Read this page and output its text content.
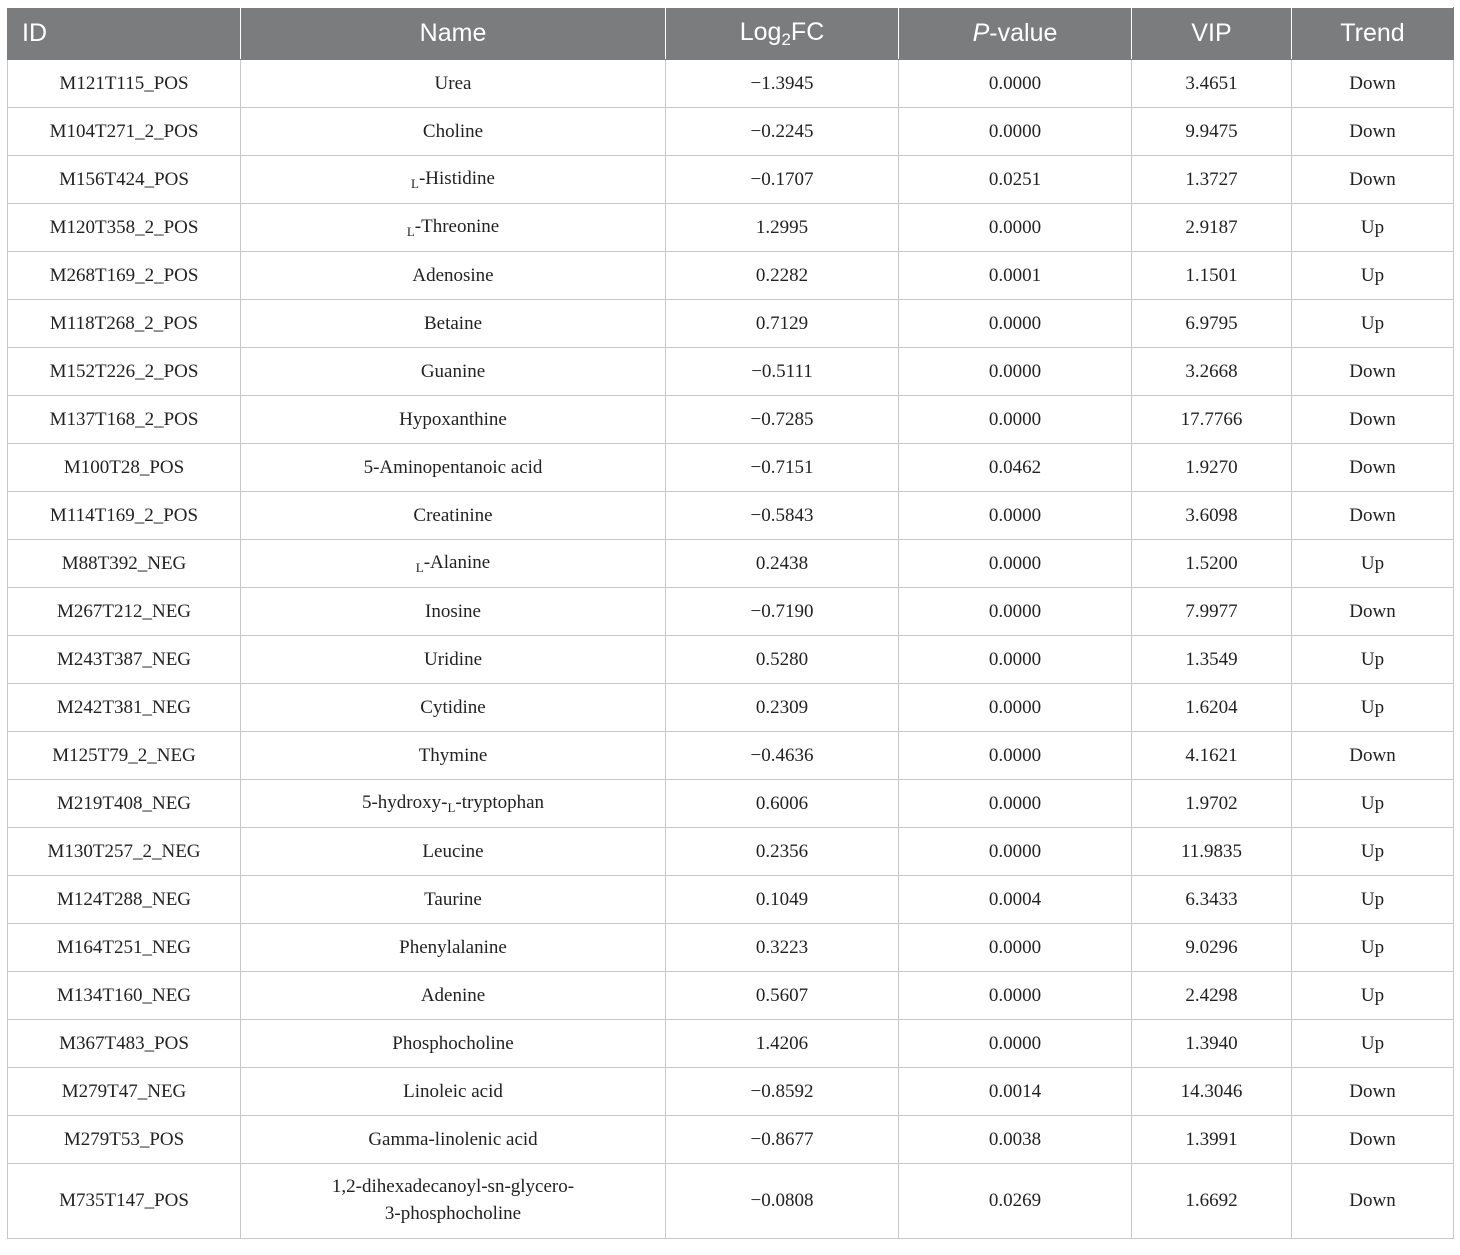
ID	Name	Log$_2$FC	P-value	VIP	Trend
M121T115_POS	Urea	−1.3945	0.0000	3.4651	Down
M104T271_2_POS	Choline	−0.2245	0.0000	9.9475	Down
M156T424_POS	$_L$-Histidine	−0.1707	0.0251	1.3727	Down
M120T358_2_POS	$_L$-Threonine	1.2995	0.0000	2.9187	Up
M268T169_2_POS	Adenosine	0.2282	0.0001	1.1501	Up
M118T268_2_POS	Betaine	0.7129	0.0000	6.9795	Up
M152T226_2_POS	Guanine	−0.5111	0.0000	3.2668	Down
M137T168_2_POS	Hypoxanthine	−0.7285	0.0000	17.7766	Down
M100T28_POS	5-Aminopentanoic acid	−0.7151	0.0462	1.9270	Down
M114T169_2_POS	Creatinine	−0.5843	0.0000	3.6098	Down
M88T392_NEG	$_L$-Alanine	0.2438	0.0000	1.5200	Up
M267T212_NEG	Inosine	−0.7190	0.0000	7.9977	Down
M243T387_NEG	Uridine	0.5280	0.0000	1.3549	Up
M242T381_NEG	Cytidine	0.2309	0.0000	1.6204	Up
M125T79_2_NEG	Thymine	−0.4636	0.0000	4.1621	Down
M219T408_NEG	$5-hydroxy-_L$-tryptophan	0.6006	0.0000	1.9702	Up
M130T257_2_NEG	Leucine	0.2356	0.0000	11.9835	Up
M124T288_NEG	Taurine	0.1049	0.0004	6.3433	Up
M164T251_NEG	Phenylalanine	0.3223	0.0000	9.0296	Up
M134T160_NEG	Adenine	0.5607	0.0000	2.4298	Up
M367T483_POS	Phosphocholine	1.4206	0.0000	1.3940	Up
M279T47_NEG	Linoleic acid	−0.8592	0.0014	14.3046	Down
M279T53_POS	Gamma-linolenic acid	−0.8677	0.0038	1.3991	Down
M735T147_POS	1,2-dihexadecanoyl-sn-glycero-
3-phosphocholine	−0.0808	0.0269	1.6692	Down
